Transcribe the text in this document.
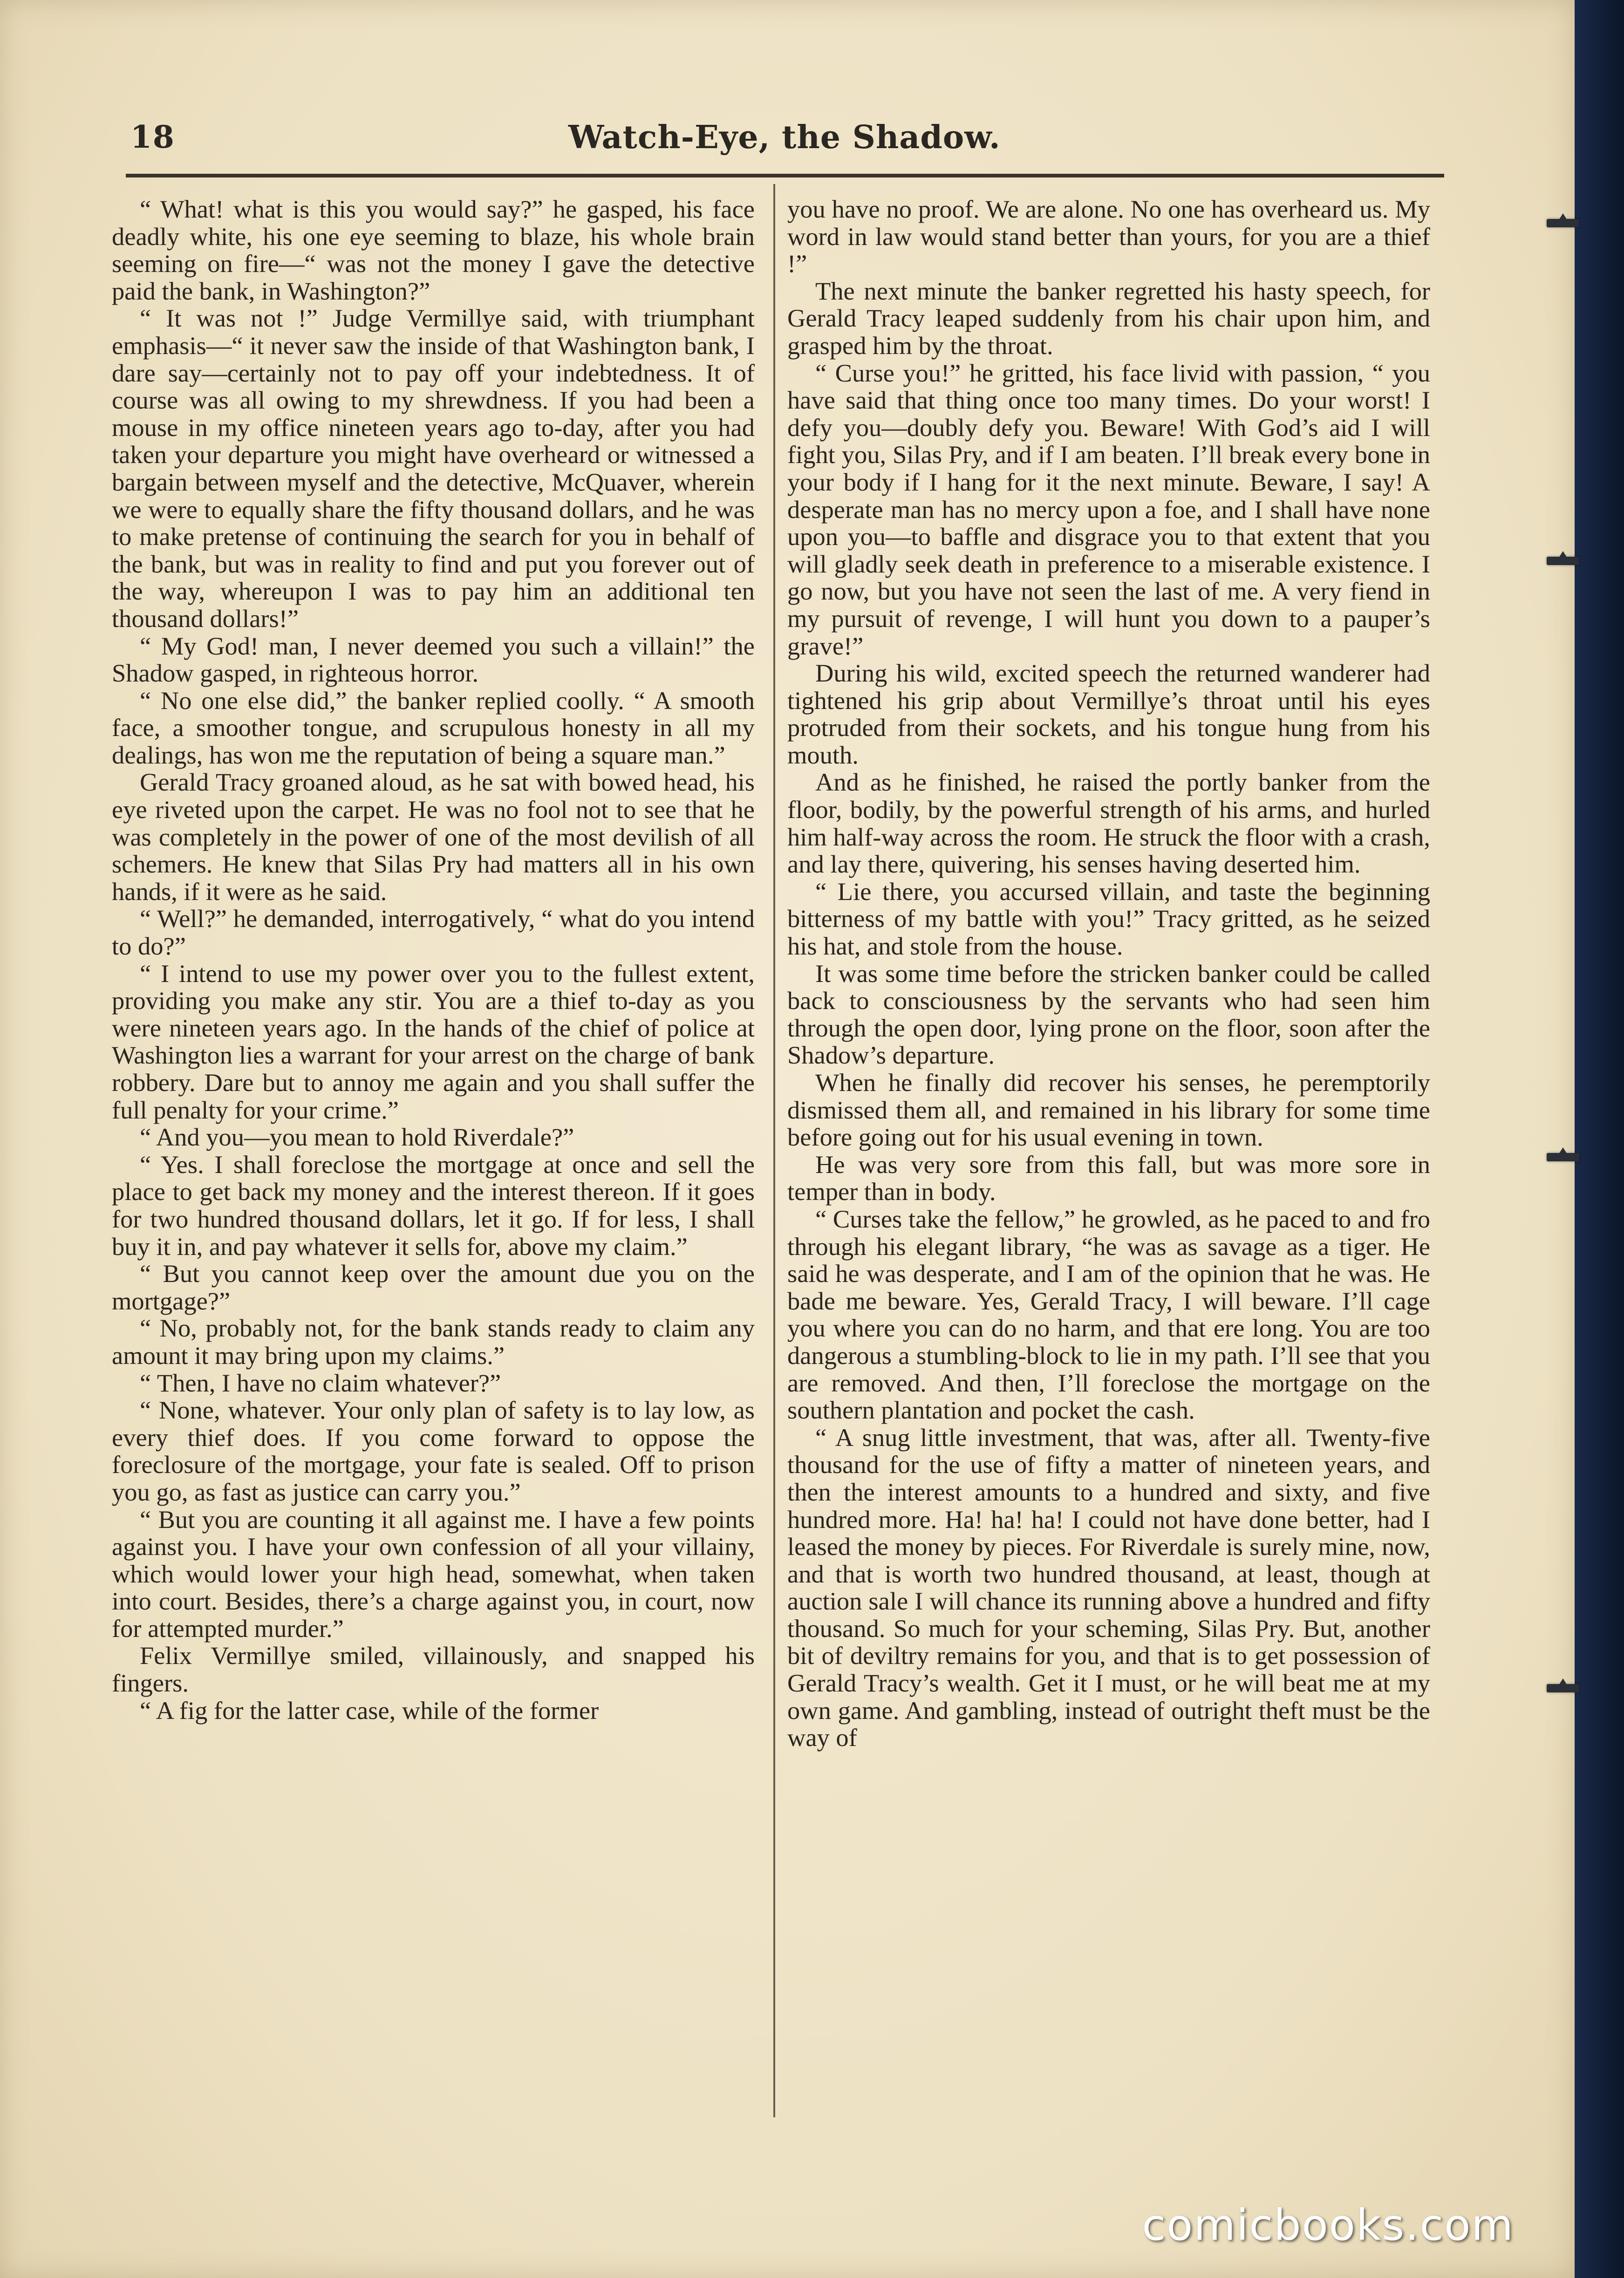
18	Watch-Eye, the Shadow.

“ What! what is this you would say?” he gasped, his face deadly white, his one eye seeming to blaze, his whole brain seeming on fire—“ was not the money I gave the detective paid the bank, in Washington?”

“ It was not !” Judge Vermillye said, with triumphant emphasis—“ it never saw the inside of that Washington bank, I dare say—certainly not to pay off your indebtedness. It of course was all owing to my shrewdness. If you had been a mouse in my office nineteen years ago to-day, after you had taken your departure you might have overheard or witnessed a bargain between myself and the detective, McQuaver, wherein we were to equally share the fifty thousand dollars, and he was to make pretense of continuing the search for you in behalf of the bank, but was in reality to find and put you forever out of the way, whereupon I was to pay him an additional ten thousand dollars!”

“ My God! man, I never deemed you such a villain!” the Shadow gasped, in righteous horror.

“ No one else did,” the banker replied coolly. “ A smooth face, a smoother tongue, and scrupulous honesty in all my dealings, has won me the reputation of being a square man.”

Gerald Tracy groaned aloud, as he sat with bowed head, his eye riveted upon the carpet. He was no fool not to see that he was completely in the power of one of the most devilish of all schemers. He knew that Silas Pry had matters all in his own hands, if it were as he said.

“ Well?” he demanded, interrogatively, “ what do you intend to do?”

“ I intend to use my power over you to the fullest extent, providing you make any stir. You are a thief to-day as you were nineteen years ago. In the hands of the chief of police at Washington lies a warrant for your arrest on the charge of bank robbery. Dare but to annoy me again and you shall suffer the full penalty for your crime.”

“ And you—you mean to hold Riverdale?”

“ Yes. I shall foreclose the mortgage at once and sell the place to get back my money and the interest thereon. If it goes for two hundred thousand dollars, let it go. If for less, I shall buy it in, and pay whatever it sells for, above my claim.”

“ But you cannot keep over the amount due you on the mortgage?”

“ No, probably not, for the bank stands ready to claim any amount it may bring upon my claims.”

“ Then, I have no claim whatever?”

“ None, whatever. Your only plan of safety is to lay low, as every thief does. If you come forward to oppose the foreclosure of the mortgage, your fate is sealed. Off to prison you go, as fast as justice can carry you.”

“ But you are counting it all against me. I have a few points against you. I have your own confession of all your villainy, which would lower your high head, somewhat, when taken into court. Besides, there’s a charge against you, in court, now for attempted murder.”

Felix Vermillye smiled, villainously, and snapped his fingers.

“ A fig for the latter case, while of the former

you have no proof. We are alone. No one has overheard us. My word in law would stand better than yours, for you are a thief !”

The next minute the banker regretted his hasty speech, for Gerald Tracy leaped suddenly from his chair upon him, and grasped him by the throat.

“ Curse you!” he gritted, his face livid with passion, “ you have said that thing once too many times. Do your worst! I defy you—doubly defy you. Beware! With God’s aid I will fight you, Silas Pry, and if I am beaten. I’ll break every bone in your body if I hang for it the next minute. Beware, I say! A desperate man has no mercy upon a foe, and I shall have none upon you—to baffle and disgrace you to that extent that you will gladly seek death in preference to a miserable existence. I go now, but you have not seen the last of me. A very fiend in my pursuit of revenge, I will hunt you down to a pauper’s grave!”

During his wild, excited speech the returned wanderer had tightened his grip about Vermillye’s throat until his eyes protruded from their sockets, and his tongue hung from his mouth.

And as he finished, he raised the portly banker from the floor, bodily, by the powerful strength of his arms, and hurled him half-way across the room. He struck the floor with a crash, and lay there, quivering, his senses having deserted him.

“ Lie there, you accursed villain, and taste the beginning bitterness of my battle with you!” Tracy gritted, as he seized his hat, and stole from the house.

It was some time before the stricken banker could be called back to consciousness by the servants who had seen him through the open door, lying prone on the floor, soon after the Shadow’s departure.

When he finally did recover his senses, he peremptorily dismissed them all, and remained in his library for some time before going out for his usual evening in town.

He was very sore from this fall, but was more sore in temper than in body.

“ Curses take the fellow,” he growled, as he paced to and fro through his elegant library, “he was as savage as a tiger. He said he was desperate, and I am of the opinion that he was. He bade me beware. Yes, Gerald Tracy, I will beware. I’ll cage you where you can do no harm, and that ere long. You are too dangerous a stumbling-block to lie in my path. I’ll see that you are removed. And then, I’ll foreclose the mortgage on the southern plantation and pocket the cash.

“ A snug little investment, that was, after all. Twenty-five thousand for the use of fifty a matter of nineteen years, and then the interest amounts to a hundred and sixty, and five hundred more. Ha! ha! ha! I could not have done better, had I leased the money by pieces. For Riverdale is surely mine, now, and that is worth two hundred thousand, at least, though at auction sale I will chance its running above a hundred and fifty thousand. So much for your scheming, Silas Pry. But, another bit of deviltry remains for you, and that is to get possession of Gerald Tracy’s wealth. Get it I must, or he will beat me at my own game. And gambling, instead of outright theft must be the way of

comicbooks.com
